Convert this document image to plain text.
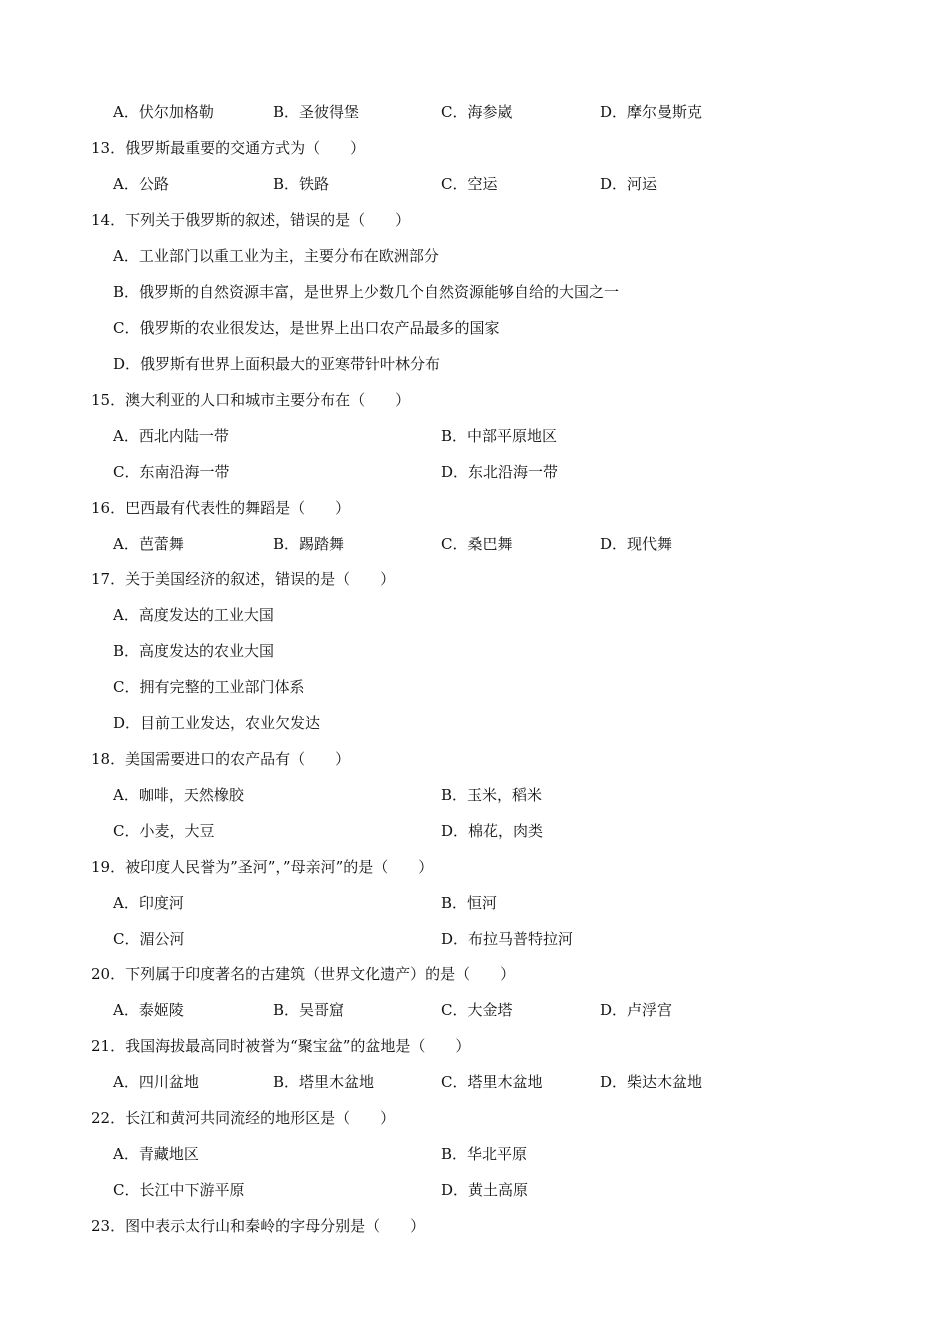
A．伏尔加格勒	B．圣彼得堡	C．海参崴	D．摩尔曼斯克
13．俄罗斯最重要的交通方式为（　　）
A．公路	B．铁路	C．空运	D．河运
14．下列关于俄罗斯的叙述，错误的是（　　）
A．工业部门以重工业为主，主要分布在欧洲部分
B．俄罗斯的自然资源丰富，是世界上少数几个自然资源能够自给的大国之一
C．俄罗斯的农业很发达，是世界上出口农产品最多的国家
D．俄罗斯有世界上面积最大的亚寒带针叶林分布
15．澳大利亚的人口和城市主要分布在（　　）
A．西北内陆一带	B．中部平原地区
C．东南沿海一带	D．东北沿海一带
16．巴西最有代表性的舞蹈是（　　）
A．芭蕾舞	B．踢踏舞	C．桑巴舞	D．现代舞
17．关于美国经济的叙述，错误的是（　　）
A．高度发达的工业大国
B．高度发达的农业大国
C．拥有完整的工业部门体系
D．目前工业发达，农业欠发达
18．美国需要进口的农产品有（　　）
A．咖啡，天然橡胶	B．玉米，稻米
C．小麦，大豆	D．棉花，肉类
19．被印度人民誉为”圣河”，”母亲河”的是（　　）
A．印度河	B．恒河
C．湄公河	D．布拉马普特拉河
20．下列属于印度著名的古建筑（世界文化遗产）的是（　　）
A．泰姬陵	B．吴哥窟	C．大金塔	D．卢浮宫
21．我国海拔最高同时被誉为“聚宝盆”的盆地是（　　）
A．四川盆地	B．塔里木盆地	C．塔里木盆地	D．柴达木盆地
22．长江和黄河共同流经的地形区是（　　）
A．青藏地区	B．华北平原
C．长江中下游平原	D．黄土高原
23．图中表示太行山和秦岭的字母分别是（　　）
